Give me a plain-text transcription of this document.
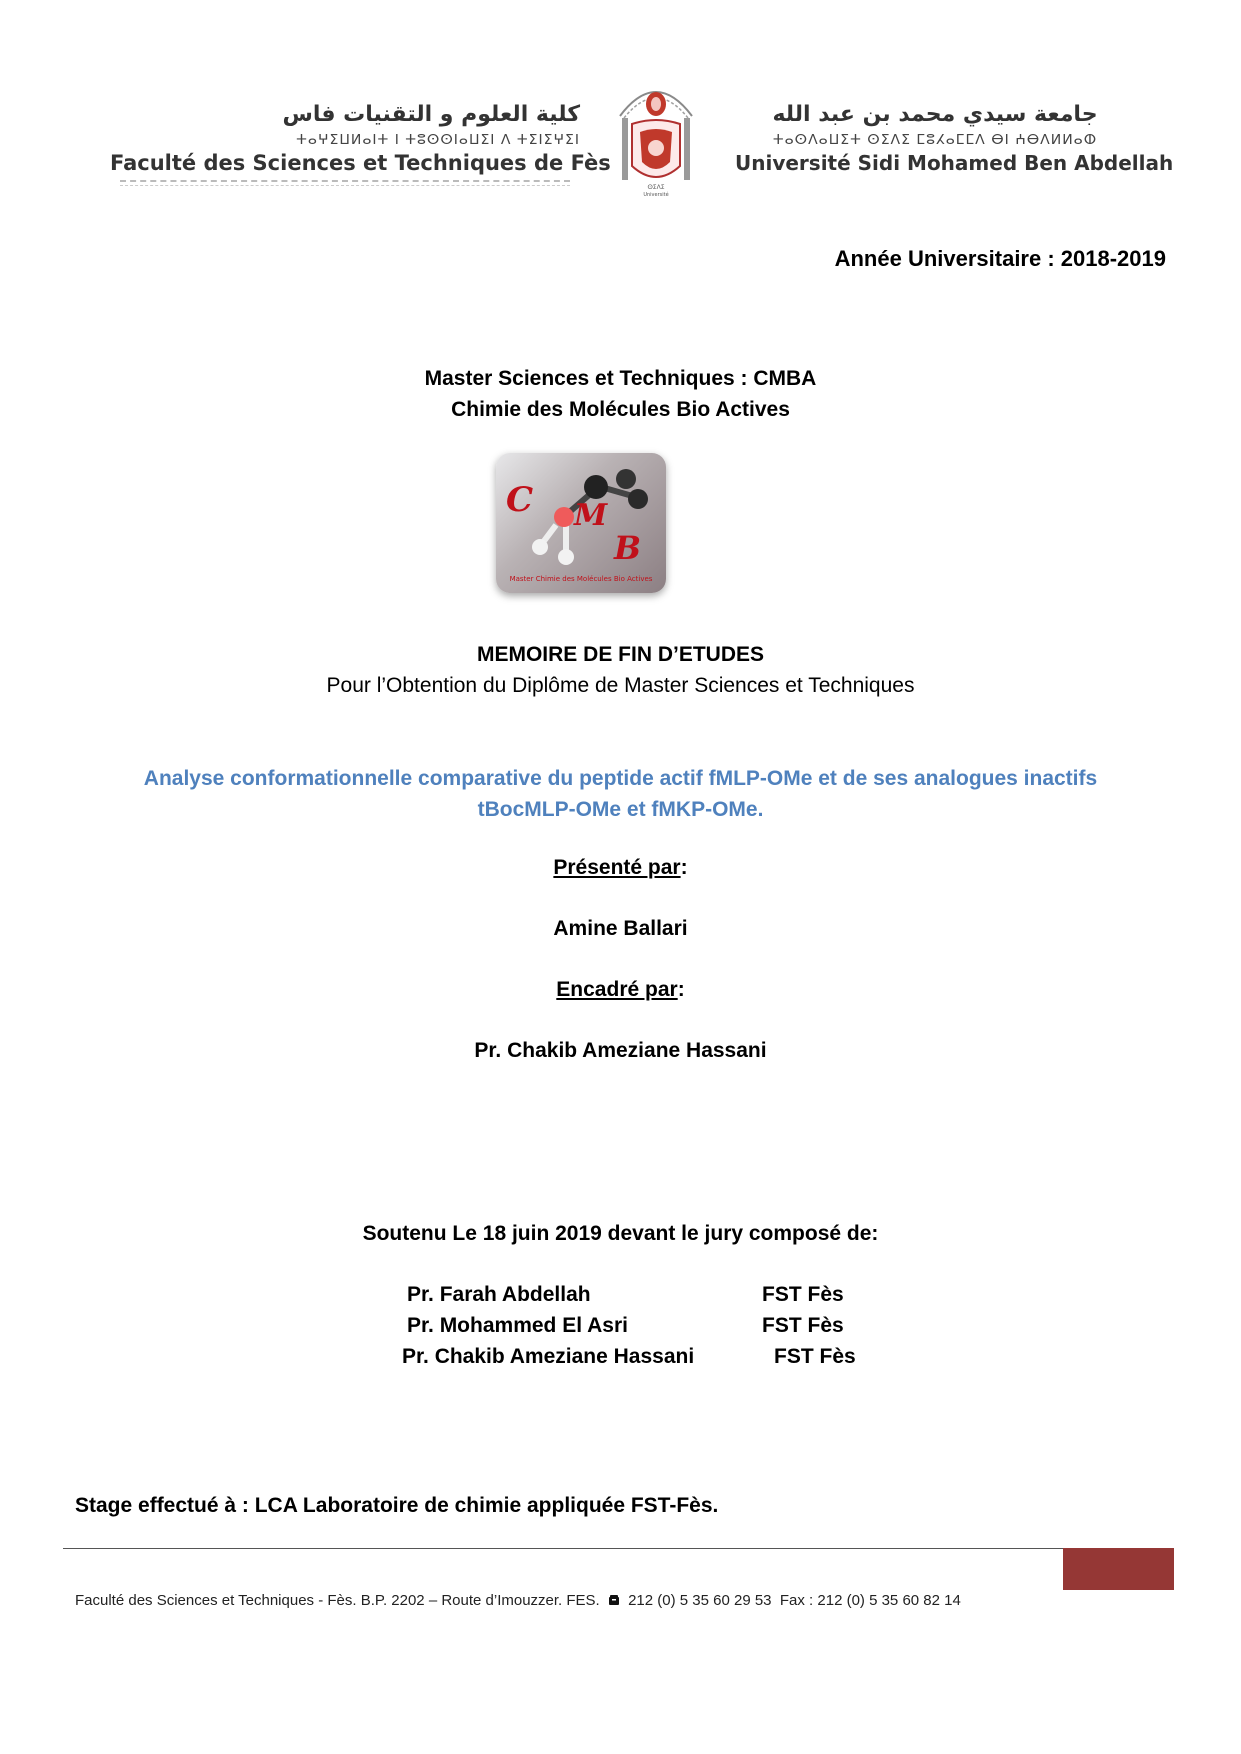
كلية العلوم و التقنيات فاس
ⵜⴰⵖⵉⵡⵍⴰⵏⵜ ⵏ ⵜⵓⵙⵙⵏⴰⵡⵉⵏ ⴷ ⵜⵉⵏⵉⵖⵉⵏ
Faculté des Sciences et Techniques de Fès
ⵙⵉⴷⵉ
Université
جامعة سيدي محمد بن عبد الله
ⵜⴰⵙⴷⴰⵡⵉⵜ ⵙⵉⴷⵉ ⵎⵓⵃⴰⵎⵎⴷ ⴱⵏ ⵄⴱⴷⵍⵍⴰⵀ
Université Sidi Mohamed Ben Abdellah
Année Universitaire : 2018-2019
Master Sciences et Techniques : CMBA
Chimie des Molécules Bio Actives
C M
B
Master Chimie des Molécules Bio Actives
MEMOIRE DE FIN D’ETUDES
Pour l’Obtention du Diplôme de Master Sciences et Techniques
Analyse conformationnelle comparative du peptide actif fMLP-OMe et de ses analogues inactifs
tBocMLP-OMe et fMKP-OMe.
Présenté par:
Amine Ballari
Encadré par:
Pr. Chakib Ameziane Hassani
Soutenu Le 18 juin 2019 devant le jury composé de:
Pr. Farah Abdellah	FST Fès
Pr. Mohammed El Asri	FST Fès
Pr. Chakib Ameziane Hassani	FST Fès
Stage effectué à : LCA Laboratoire de chimie appliquée FST-Fès.
Faculté des Sciences et Techniques - Fès. B.P. 2202 – Route d’Imouzzer. FES. 212 (0) 5 35 60 29 53 Fax : 212 (0) 5 35 60 82 14
